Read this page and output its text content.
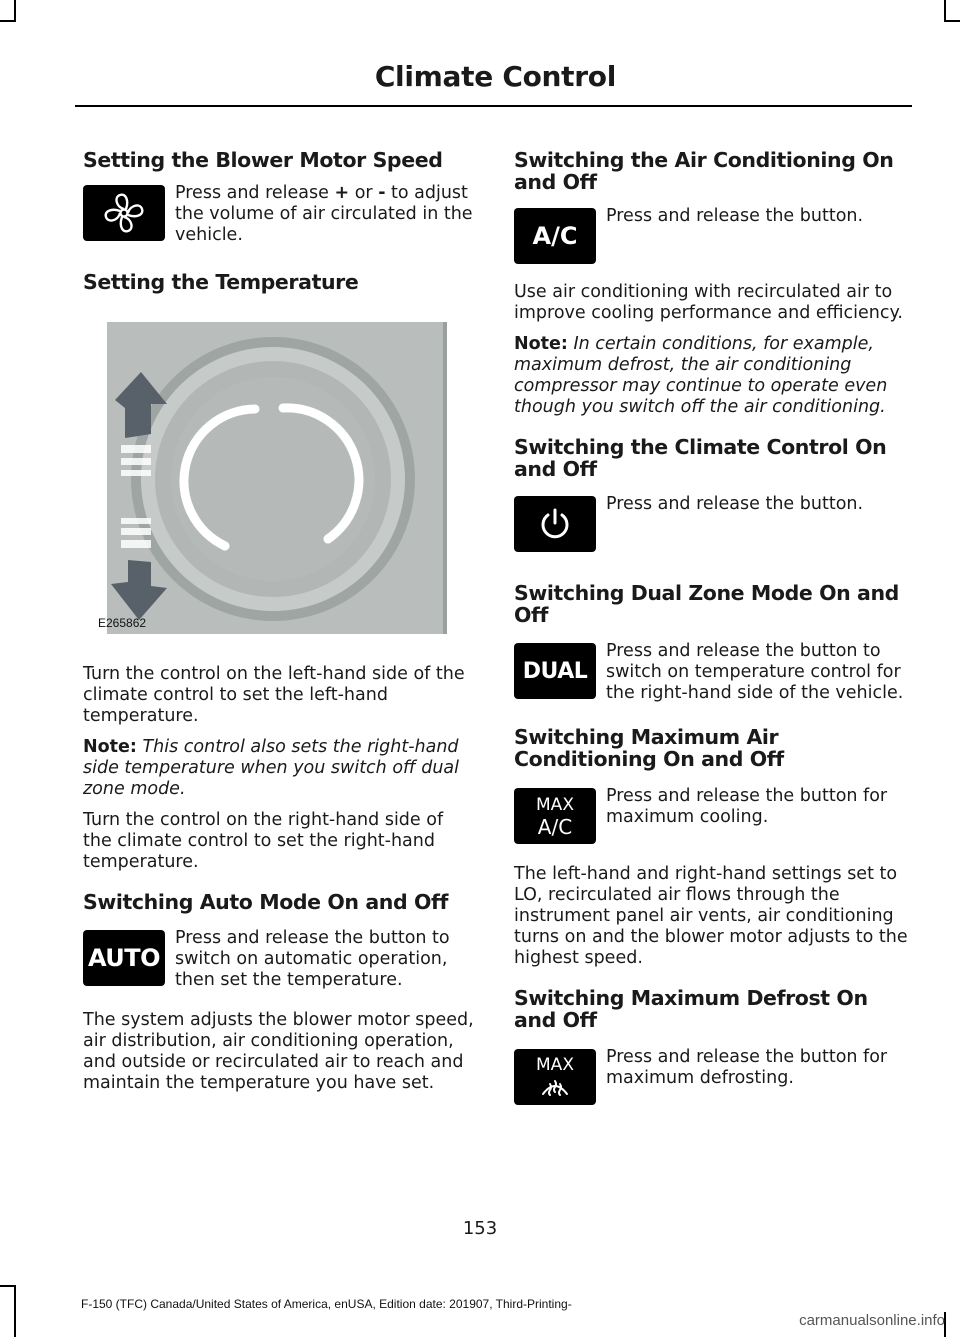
Climate Control
Setting the Blower Motor Speed

Press and release + or - to adjust the volume of air circulated in the vehicle.

Setting the Temperature
E265862

Turn the control on the left-hand side of the climate control to set the left-hand temperature.

Note: This control also sets the right-hand side temperature when you switch off dual zone mode.

Turn the control on the right-hand side of the climate control to set the right-hand temperature.

Switching Auto Mode On and Off
AUTO

Press and release the button to switch on automatic operation, then set the temperature.

The system adjusts the blower motor speed, air distribution, air conditioning operation, and outside or recirculated air to reach and maintain the temperature you have set.

Switching the Air Conditioning On and Off
A/C

Press and release the button.

Use air conditioning with recirculated air to improve cooling performance and efficiency.

Note: In certain conditions, for example, maximum defrost, the air conditioning compressor may continue to operate even though you switch off the air conditioning.

Switching the Climate Control On and Off

Press and release the button.

Switching Dual Zone Mode On and Off
DUAL

Press and release the button to switch on temperature control for the right-hand side of the vehicle.

Switching Maximum Air Conditioning On and Off
MAX
A/C

Press and release the button for maximum cooling.

The left-hand and right-hand settings set to LO, recirculated air flows through the instrument panel air vents, air conditioning turns on and the blower motor adjusts to the highest speed.

Switching Maximum Defrost On and Off
MAX Press and release the button for maximum defrosting.

153
F-150 (TFC) Canada/United States of America, enUSA, Edition date: 201907, Third-Printing-
carmanualsonline.info
